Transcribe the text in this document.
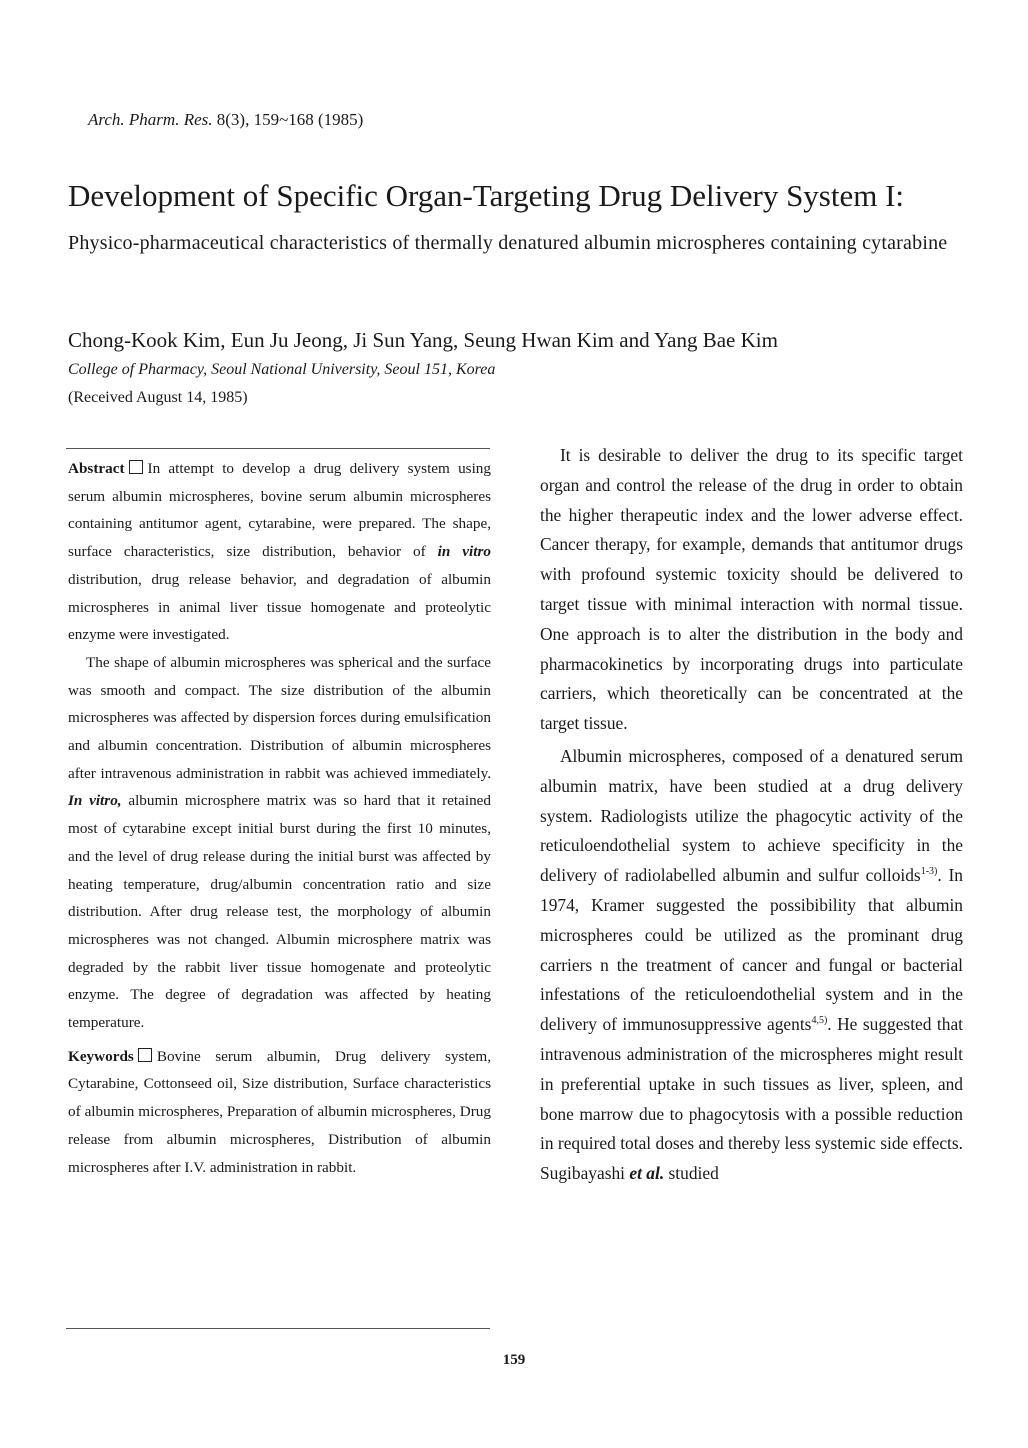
Arch. Pharm. Res. 8(3), 159~168 (1985)
Development of Specific Organ-Targeting Drug Delivery System I:
Physico-pharmaceutical characteristics of thermally denatured albumin microspheres containing cytarabine
Chong-Kook Kim, Eun Ju Jeong, Ji Sun Yang, Seung Hwan Kim and Yang Bae Kim
College of Pharmacy, Seoul National University, Seoul 151, Korea
(Received August 14, 1985)

Abstract In attempt to develop a drug delivery system using serum albumin microspheres, bovine serum albumin microspheres containing antitumor agent, cytarabine, were prepared. The shape, surface characteristics, size distribution, behavior of in vitro distribution, drug release behavior, and degradation of albumin microspheres in animal liver tissue homogenate and proteolytic enzyme were investigated.

The shape of albumin microspheres was spherical and the surface was smooth and compact. The size distribution of the albumin microspheres was affected by dispersion forces during emulsification and albumin concentration. Distribution of albumin microspheres after intravenous administration in rabbit was achieved immediately. In vitro, albumin microsphere matrix was so hard that it retained most of cytarabine except initial burst during the first 10 minutes, and the level of drug release during the initial burst was affected by heating temperature, drug/albumin concentration ratio and size distribution. After drug release test, the morphology of albumin microspheres was not changed. Albumin microsphere matrix was degraded by the rabbit liver tissue homogenate and proteolytic enzyme. The degree of degradation was affected by heating temperature.

Keywords Bovine serum albumin, Drug delivery system, Cytarabine, Cottonseed oil, Size distribution, Surface characteristics of albumin microspheres, Preparation of albumin microspheres, Drug release from albumin microspheres, Distribution of albumin microspheres after I.V. administration in rabbit.

It is desirable to deliver the drug to its specific target organ and control the release of the drug in order to obtain the higher therapeutic index and the lower adverse effect. Cancer therapy, for example, demands that antitumor drugs with profound systemic toxicity should be delivered to target tissue with minimal interaction with normal tissue. One approach is to alter the distribution in the body and pharmacokinetics by incorporating drugs into particulate carriers, which theoretically can be concentrated at the target tissue.

Albumin microspheres, composed of a denatured serum albumin matrix, have been studied at a drug delivery system. Radiologists utilize the phagocytic activity of the reticuloendothelial system to achieve specificity in the delivery of radiolabelled albumin and sulfur colloids$^{1-3)}$. In 1974, Kramer suggested the possibibility that albumin microspheres could be utilized as the prominant drug carriers n the treatment of cancer and fungal or bacterial infestations of the reticuloendothelial system and in the delivery of immunosuppressive agents$^{4,5)}$. He suggested that intravenous administration of the microspheres might result in preferential uptake in such tissues as liver, spleen, and bone marrow due to phagocytosis with a possible reduction in required total doses and thereby less systemic side effects. Sugibayashi et al. studied

159
